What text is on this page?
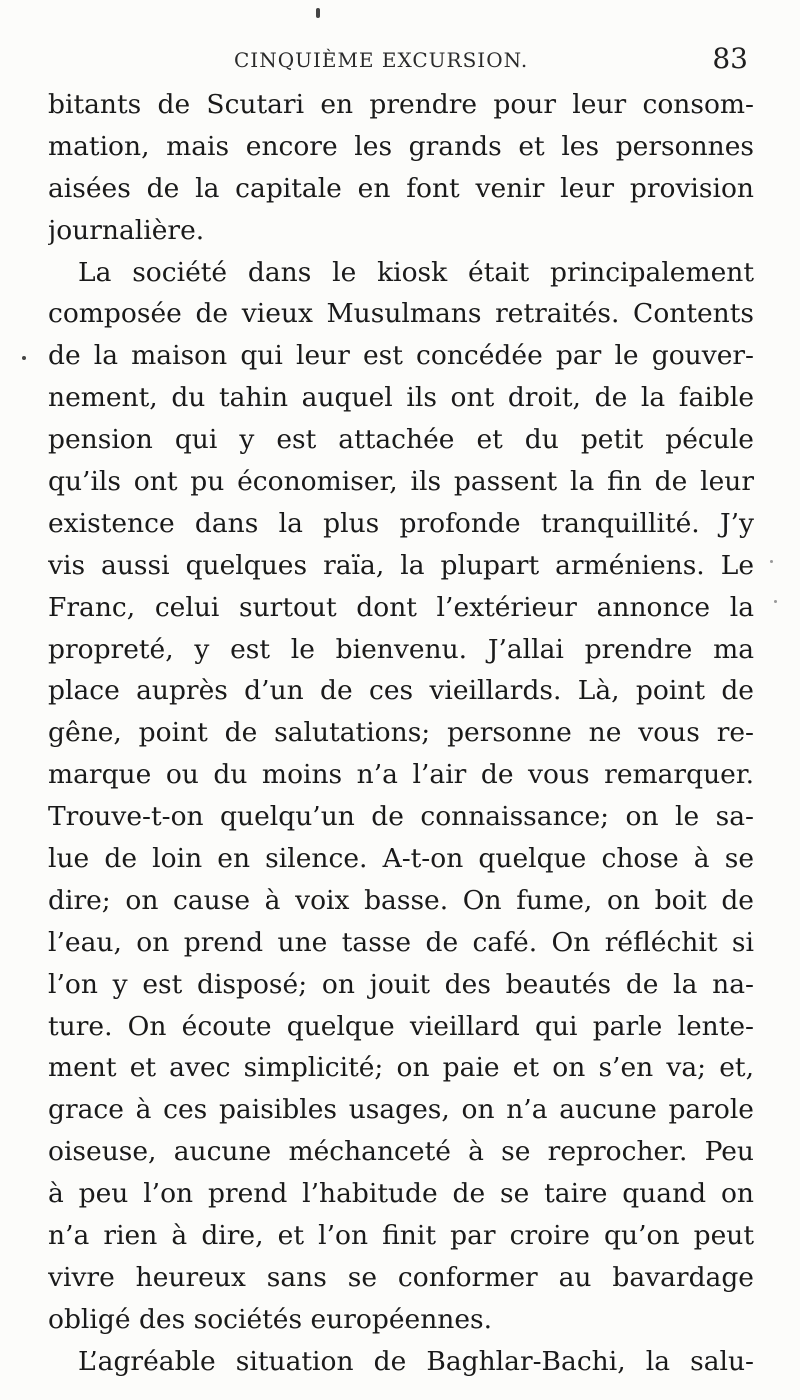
CINQUIÈME EXCURSION.	83
bitants de Scutari en prendre pour leur consom-
mation, mais encore les grands et les personnes
aisées de la capitale en font venir leur provision
journalière.
La société dans le kiosk était principalement
composée de vieux Musulmans retraités. Contents
de la maison qui leur est concédée par le gouver-
nement, du tahin auquel ils ont droit, de la faible
pension qui y est attachée et du petit pécule
qu’ils ont pu économiser, ils passent la fin de leur
existence dans la plus profonde tranquillité. J’y
vis aussi quelques raïa, la plupart arméniens. Le
Franc, celui surtout dont l’extérieur annonce la
propreté, y est le bienvenu. J’allai prendre ma
place auprès d’un de ces vieillards. Là, point de
gêne, point de salutations; personne ne vous re-
marque ou du moins n’a l’air de vous remarquer.
Trouve-t-on quelqu’un de connaissance; on le sa-
lue de loin en silence. A-t-on quelque chose à se
dire; on cause à voix basse. On fume, on boit de
l’eau, on prend une tasse de café. On réfléchit si
l’on y est disposé; on jouit des beautés de la na-
ture. On écoute quelque vieillard qui parle lente-
ment et avec simplicité; on paie et on s’en va; et,
grace à ces paisibles usages, on n’a aucune parole
oiseuse, aucune méchanceté à se reprocher. Peu
à peu l’on prend l’habitude de se taire quand on
n’a rien à dire, et l’on finit par croire qu’on peut
vivre heureux sans se conformer au bavardage
obligé des sociétés européennes.
L’agréable situation de Baghlar-Bachi, la salu-
